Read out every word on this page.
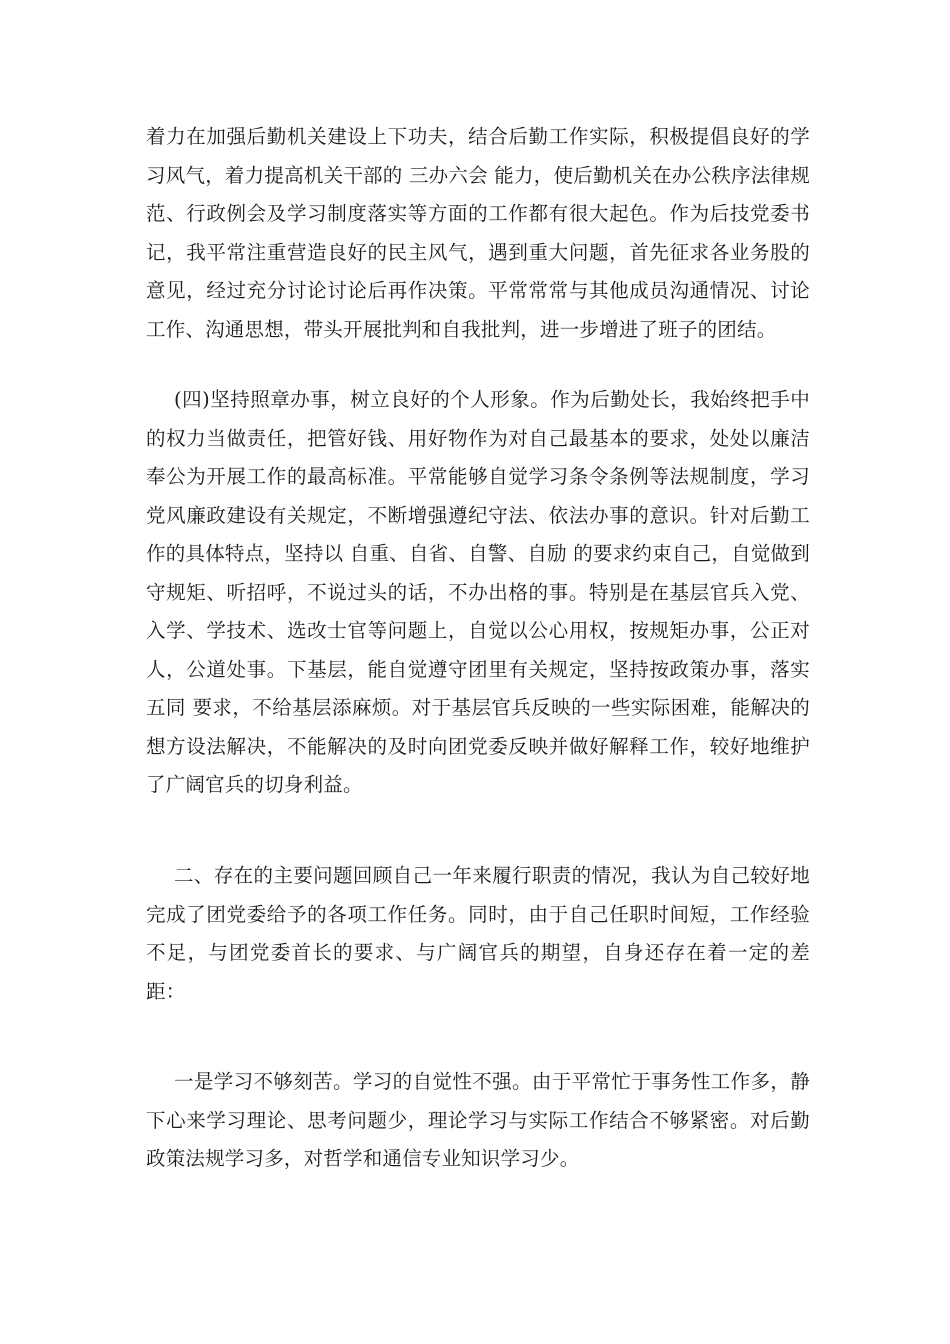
着力在加强后勤机关建设上下功夫，结合后勤工作实际，积极提倡良好的学习风气，着力提高机关干部的 三办六会 能力，使后勤机关在办公秩序法律规范、行政例会及学习制度落实等方面的工作都有很大起色。作为后技党委书记，我平常注重营造良好的民主风气，遇到重大问题，首先征求各业务股的意见，经过充分讨论讨论后再作决策。平常常常与其他成员沟通情况、讨论工作、沟通思想，带头开展批判和自我批判，进一步增进了班子的团结。

(四)坚持照章办事，树立良好的个人形象。作为后勤处长，我始终把手中的权力当做责任，把管好钱、用好物作为对自己最基本的要求，处处以廉洁奉公为开展工作的最高标准。平常能够自觉学习条令条例等法规制度，学习党风廉政建设有关规定，不断增强遵纪守法、依法办事的意识。针对后勤工作的具体特点，坚持以 自重、自省、自警、自励 的要求约束自己，自觉做到守规矩、听招呼，不说过头的话，不办出格的事。特别是在基层官兵入党、入学、学技术、选改士官等问题上，自觉以公心用权，按规矩办事，公正对人，公道处事。下基层，能自觉遵守团里有关规定，坚持按政策办事，落实 五同 要求，不给基层添麻烦。对于基层官兵反映的一些实际困难，能解决的想方设法解决，不能解决的及时向团党委反映并做好解释工作，较好地维护了广阔官兵的切身利益。

二、存在的主要问题回顾自己一年来履行职责的情况，我认为自己较好地完成了团党委给予的各项工作任务。同时，由于自己任职时间短，工作经验不足，与团党委首长的要求、与广阔官兵的期望，自身还存在着一定的差距：

一是学习不够刻苦。学习的自觉性不强。由于平常忙于事务性工作多，静下心来学习理论、思考问题少，理论学习与实际工作结合不够紧密。对后勤政策法规学习多，对哲学和通信专业知识学习少。
